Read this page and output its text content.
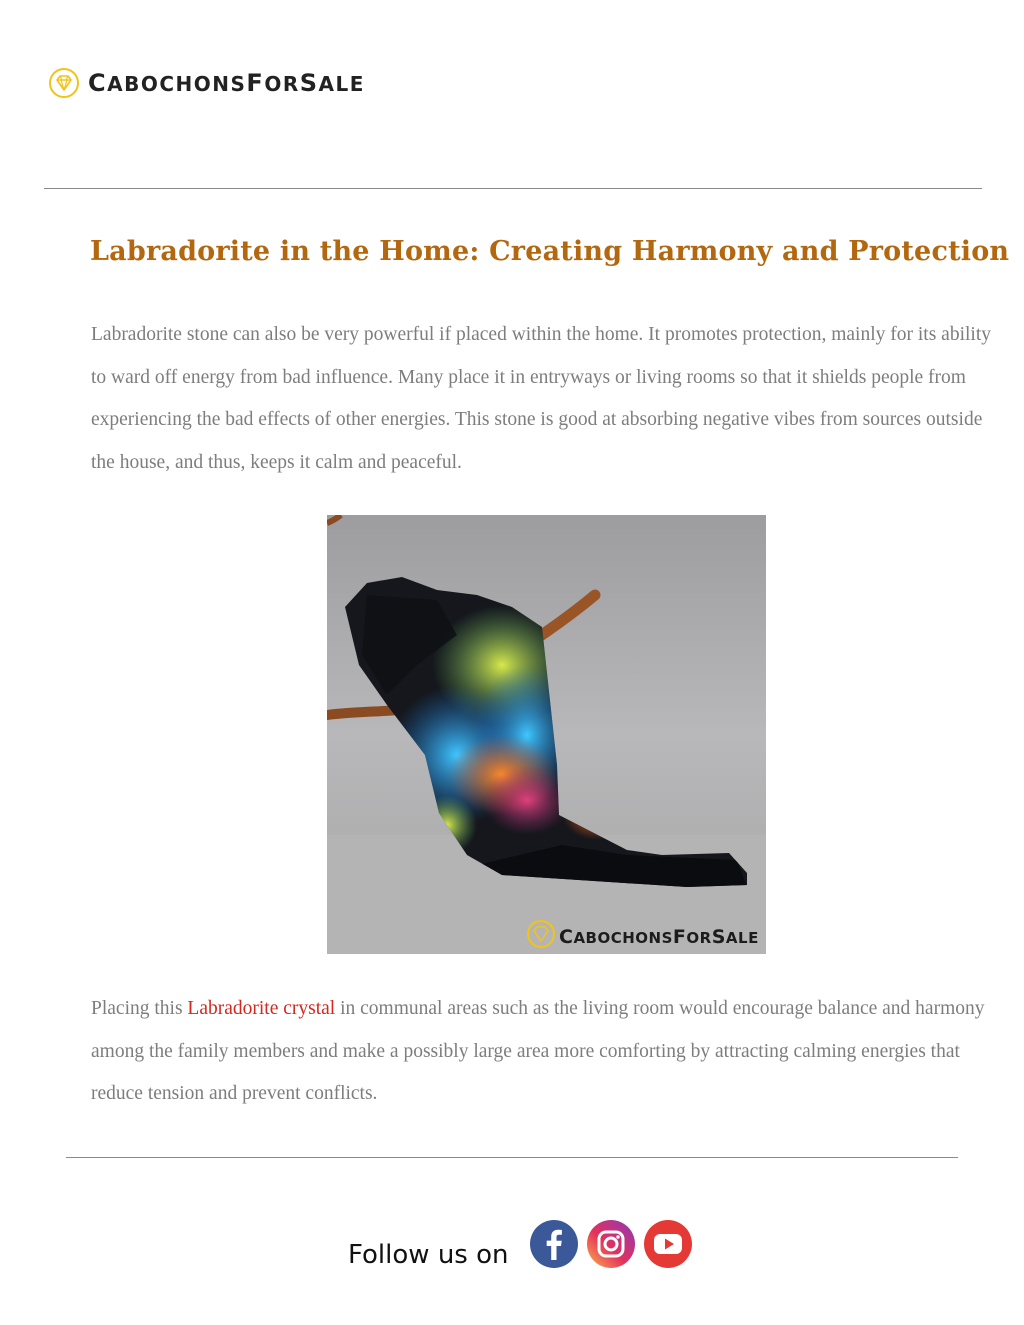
CABOCHONSFORSALE
Labradorite in the Home: Creating Harmony and Protection

Labradorite stone can also be very powerful if placed within the home. It promotes protection, mainly for its ability to ward off energy from bad influence. Many place it in entryways or living rooms so that it shields people from experiencing the bad effects of other energies. This stone is good at absorbing negative vibes from sources outside the house, and thus, keeps it calm and peaceful.

CABOCHONSFORSALE

Placing this Labradorite crystal in communal areas such as the living room would encourage balance and harmony among the family members and make a possibly large area more comforting by attracting calming energies that reduce tension and prevent conflicts.

Follow us on
